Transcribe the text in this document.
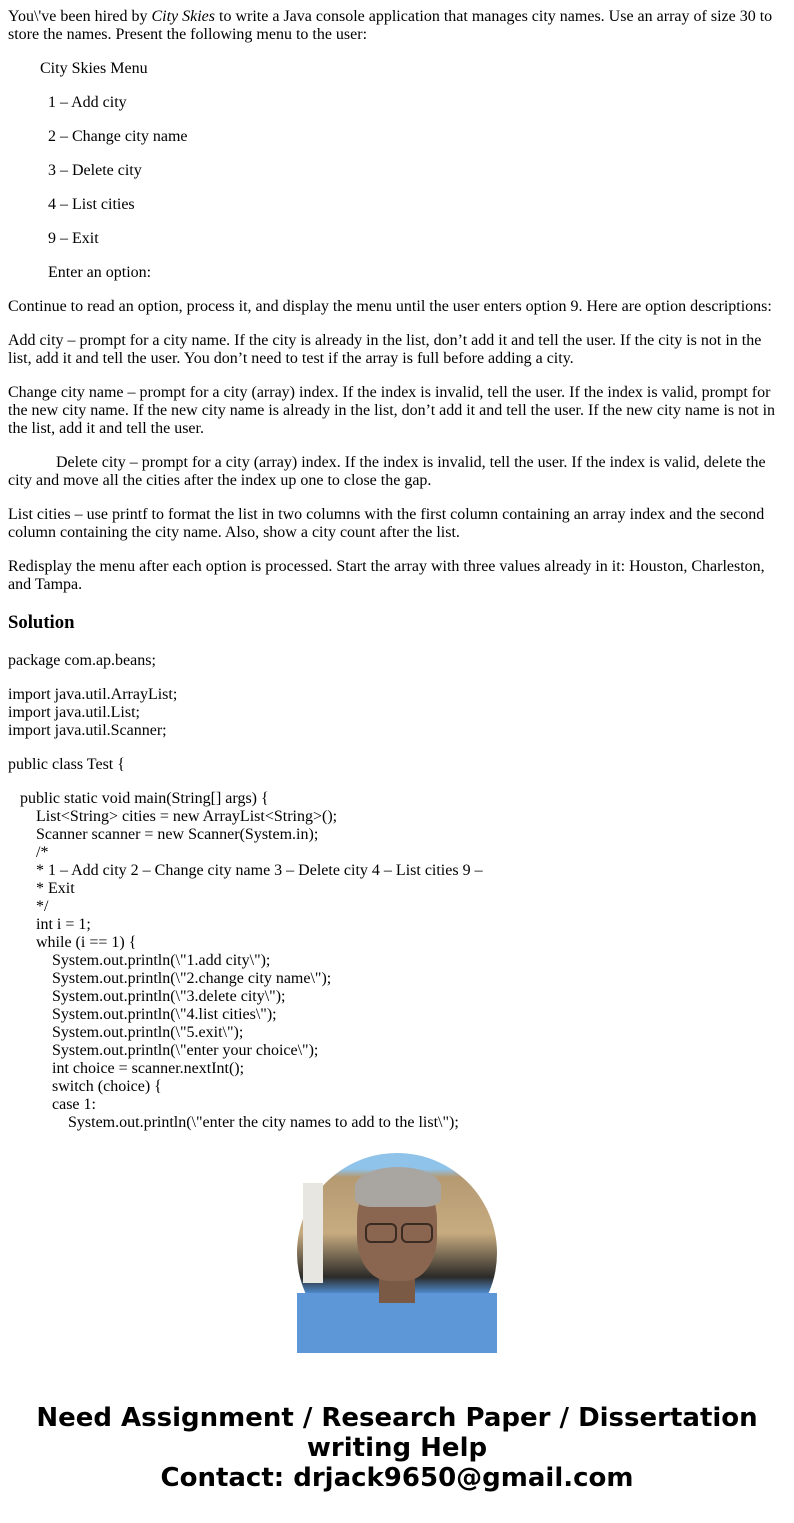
You\'ve been hired by City Skies to write a Java console application that manages city names. Use an array of size 30 to store the names. Present the following menu to the user:

City Skies Menu

1 – Add city

2 – Change city name

3 – Delete city

4 – List cities

9 – Exit

Enter an option:

Continue to read an option, process it, and display the menu until the user enters option 9. Here are option descriptions:

Add city – prompt for a city name. If the city is already in the list, don’t add it and tell the user. If the city is not in the list, add it and tell the user. You don’t need to test if the array is full before adding a city.

Change city name – prompt for a city (array) index. If the index is invalid, tell the user. If the index is valid, prompt for the new city name. If the new city name is already in the list, don’t add it and tell the user. If the new city name is not in the list, add it and tell the user.

Delete city – prompt for a city (array) index. If the index is invalid, tell the user. If the index is valid, delete the city and move all the cities after the index up one to close the gap.

List cities – use printf to format the list in two columns with the first column containing an array index and the second column containing the city name. Also, show a city count after the list.

Redisplay the menu after each option is processed. Start the array with three values already in it: Houston, Charleston, and Tampa.

Solution
package com.ap.beans;
import java.util.ArrayList;
import java.util.List;
import java.util.Scanner;
public class Test {
public static void main(String[] args) {
List<String> cities = new ArrayList<String>();
Scanner scanner = new Scanner(System.in);
/*
* 1 – Add city 2 – Change city name 3 – Delete city 4 – List cities 9 –
* Exit
*/
int i = 1;
while (i == 1) {
System.out.println(\"1.add city\");
System.out.println(\"2.change city name\");
System.out.println(\"3.delete city\");
System.out.println(\"4.list cities\");
System.out.println(\"5.exit\");
System.out.println(\"enter your choice\");
int choice = scanner.nextInt();
switch (choice) {
case 1:
System.out.println(\"enter the city names to add to the list\");
Need Assignment / Research Paper / Dissertation
writing Help
Contact: drjack9650@gmail.com
